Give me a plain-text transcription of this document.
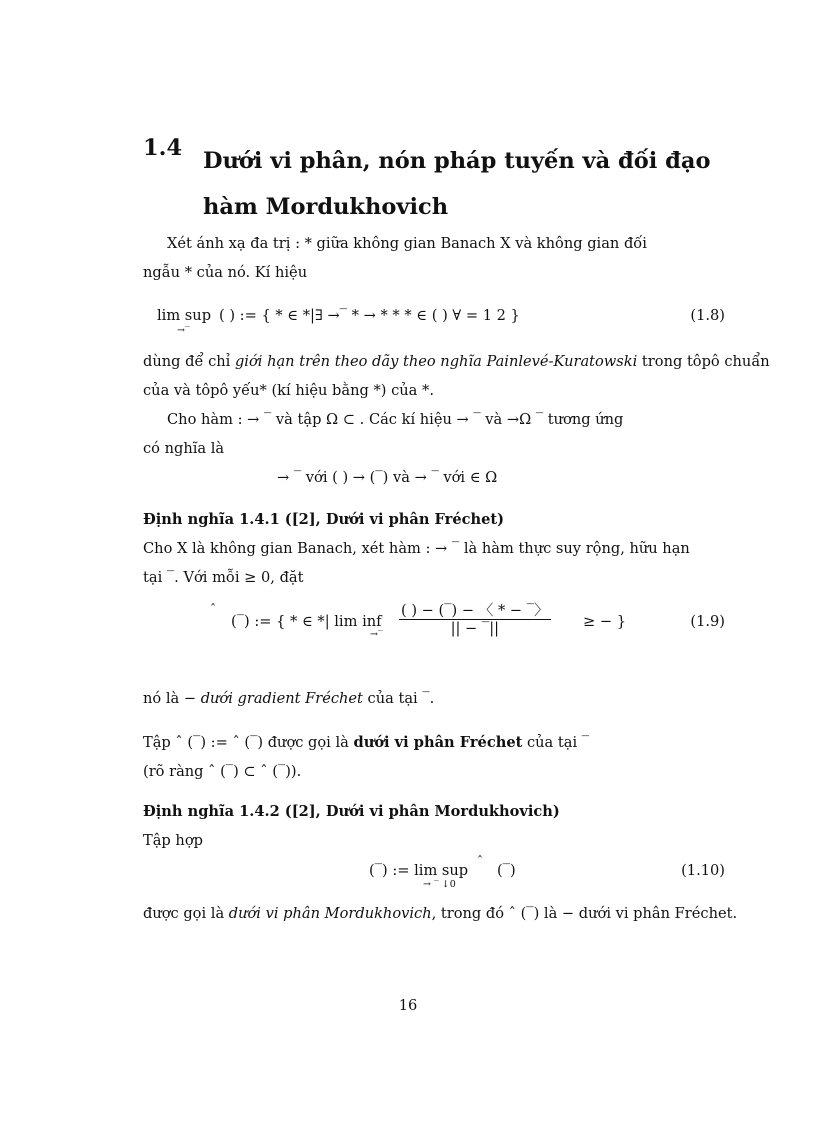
1.4 Dưới vi phân, nón pháp tuyến và đối đạo hàm Mordukhovich
Xét ánh xạ đa trị : * giữa không gian Banach X và không gian đối
ngẫu * của nó. Kí hiệu
lim sup
→‾
( ) := { * ∈ *|∃ →‾ * → * * * ∈ ( ) ∀ = 1 2 }	(1.8)
dùng để chỉ giới hạn trên theo dãy theo nghĩa Painlevé-Kuratowski trong tôpô chuẩn
của và tôpô yếu* (kí hiệu bằng *) của *.
Cho hàm : → ‾ và tập Ω ⊂ . Các kí hiệu → ‾ và →Ω ‾ tương ứng
có nghĩa là
→ ‾ với ( ) → (‾) và → ‾ với ∈ Ω
Định nghĩa 1.4.1 ([2], Dưới vi phân Fréchet)
Cho X là không gian Banach, xét hàm : → ‾ là hàm thực suy rộng, hữu hạn
tại ‾. Với mỗi ≥ 0, đặt
ˆ
(‾) := { * ∈ *| lim inf
→‾ $\frac{( ) - (‾) - 〈 * - ‾〉}{|| - ‾||}$ ≥ − }	(1.9)
nó là − dưới gradient Fréchet của tại ‾.
Tập ˆ (‾) := ˆ (‾) được gọi là dưới vi phân Fréchet của tại ‾
(rõ ràng ˆ (‾) ⊂ ˆ (‾)).
Định nghĩa 1.4.2 ([2], Dưới vi phân Mordukhovich)
Tập hợp
(‾) := lim sup
ˆ
(‾)
→ ‾ ↓0
(1.10)
được gọi là dưới vi phân Mordukhovich, trong đó ˆ (‾) là − dưới vi phân Fréchet.
16
